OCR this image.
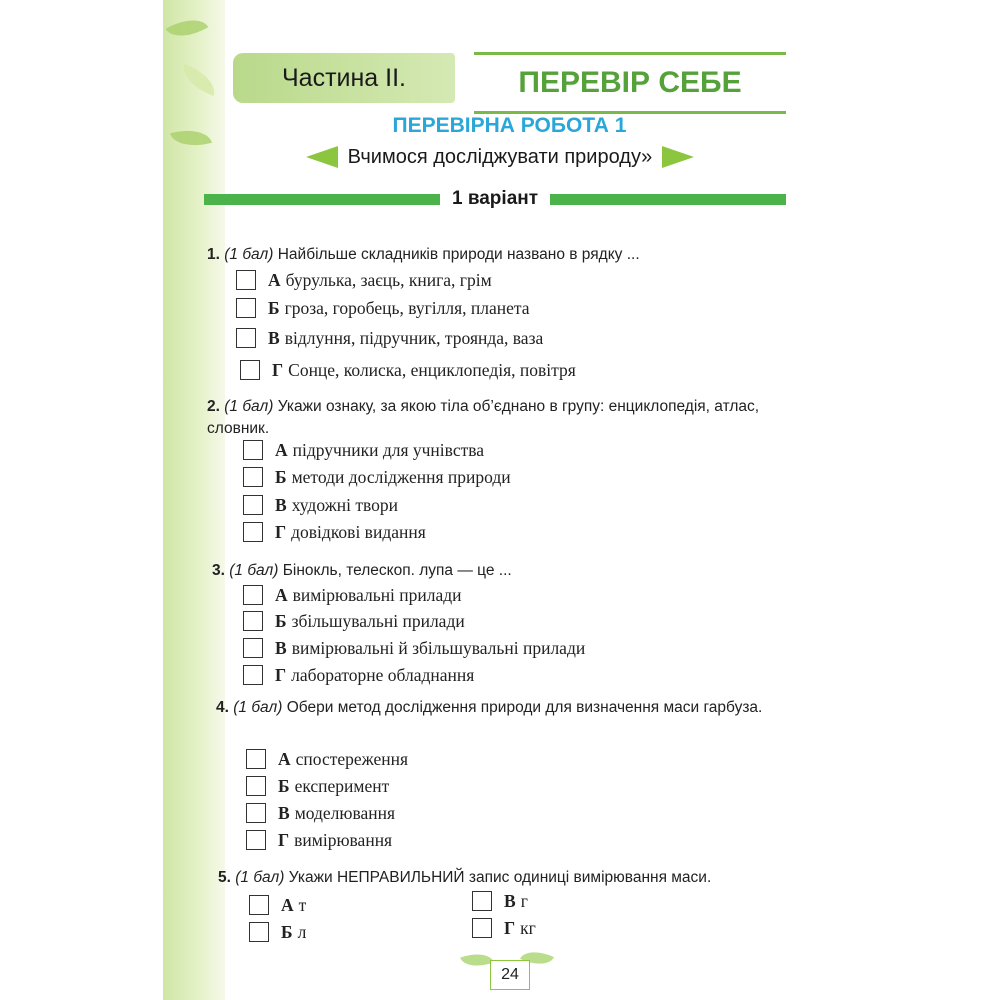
Частина ІІ.	ПЕРЕВІР СЕБЕ
ПЕРЕВІРНА РОБОТА 1
Вчимося досліджувати природу»
1 варіант
1. (1 бал) Найбільше складників природи названо в рядку ...
А бурулька, заєць, книга, грім
Б гроза, горобець, вугілля, планета
В відлуння, підручник, троянда, ваза
Г Сонце, колиска, енциклопедія, повітря
2. (1 бал) Укажи ознаку, за якою тіла об’єднано в групу: енциклопедія, атлас, словник.
А підручники для учнівства
Б методи дослідження природи
В художні твори
Г довідкові видання
3. (1 бал) Бінокль, телескоп. лупа — це ...
А вимірювальні прилади
Б збільшувальні прилади
В вимірювальні й збільшувальні прилади
Г лабораторне обладнання
4. (1 бал) Обери метод дослідження природи для визначення маси гарбуза.
А спостереження
Б експеримент
В моделювання
Г вимірювання
5. (1 бал) Укажи НЕПРАВИЛЬНИЙ запис одиниці вимірювання маси.
А т
Б л
В г
Г кг
24
